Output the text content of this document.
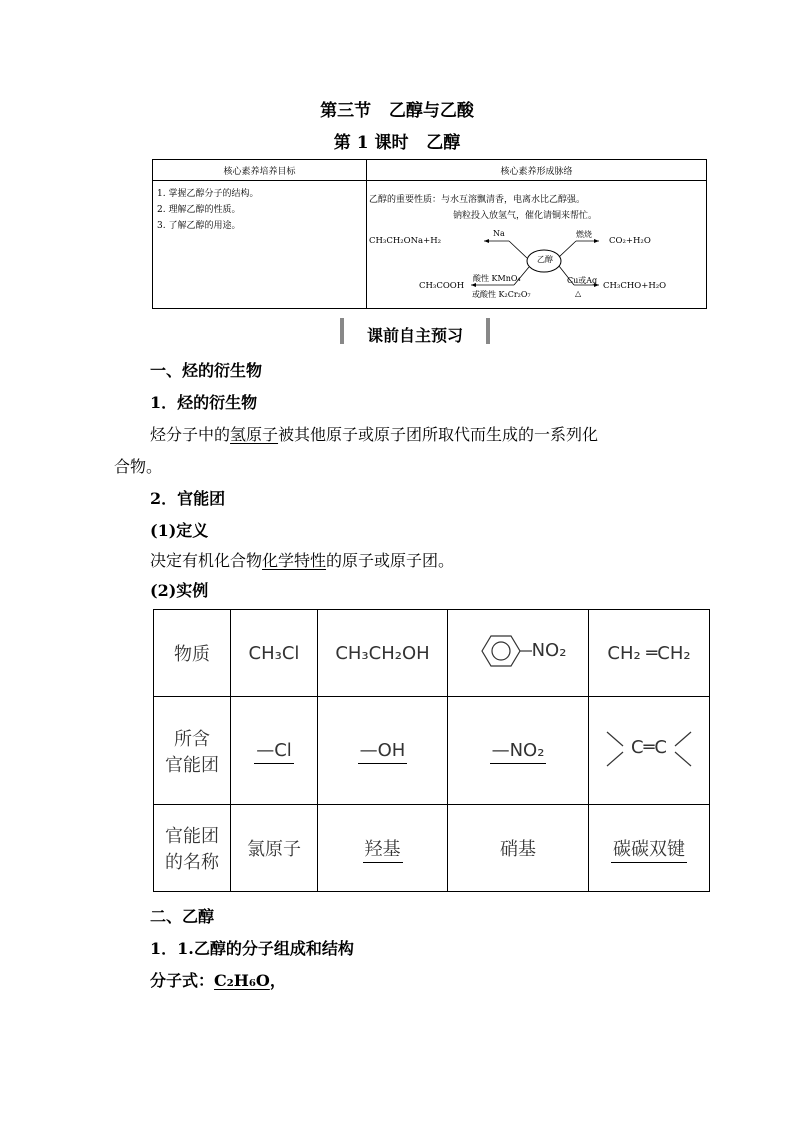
第三节 乙醇与乙酸
第 1 课时 乙醇
核心素养培养目标	核心素养形成脉络
1. 掌握乙醇分子的结构。
2. 理解乙醇的性质。
3. 了解乙醇的用途。
乙醇的重要性质：与水互溶飘清香，电离水比乙醇强。
钠粒投入放氢气，催化请铜来帮忙。
乙醇
CH₃CH₂ONa+H₂
Na	燃烧
CO₂+H₂O
CH₃COOH
酸性 KMnO₄
或酸性 K₂Cr₂O₇
Cu或Ag
△
CH₃CHO+H₂O
课前自主预习
一、烃的衍生物
1．烃的衍生物
烃分子中的氢原子被其他原子或原子团所取代而生成的一系列化
合物。
2．官能团
(1)定义
决定有机化合物化学特性的原子或原子团。
(2)实例
物质	CH₃Cl	CH₃CH₂OH	NO₂	CH₂ ═CH₂

所含
官能团	—Cl	—OH	—NO₂	C═C

官能团
的名称	氯原子	羟基	硝基	碳碳双键
二、乙醇
1．1.乙醇的分子组成和结构
分子式：C₂H₆O，
